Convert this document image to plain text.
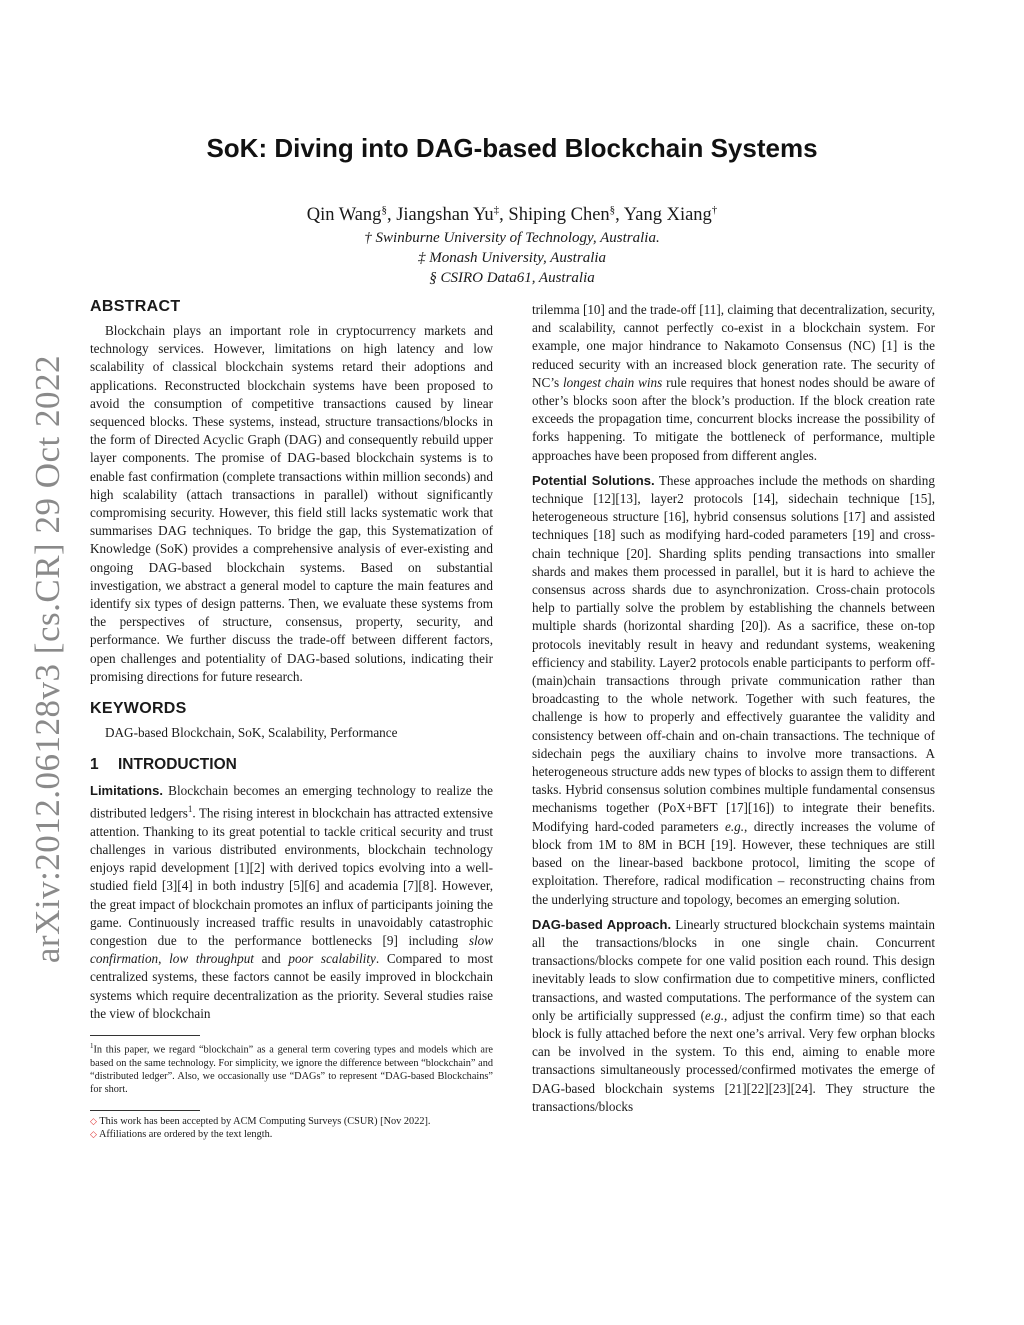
arXiv:2012.06128v3 [cs.CR] 29 Oct 2022
SoK: Diving into DAG-based Blockchain Systems
Qin Wang§, Jiangshan Yu‡, Shiping Chen§, Yang Xiang†
† Swinburne University of Technology, Australia.
‡ Monash University, Australia
§ CSIRO Data61, Australia
ABSTRACT

Blockchain plays an important role in cryptocurrency markets and technology services. However, limitations on high latency and low scalability of classical blockchain systems retard their adoptions and applications. Reconstructed blockchain systems have been proposed to avoid the consumption of competitive transactions caused by linear sequenced blocks. These systems, instead, structure transactions/blocks in the form of Directed Acyclic Graph (DAG) and consequently rebuild upper layer components. The promise of DAG-based blockchain systems is to enable fast confirmation (complete transactions within million seconds) and high scalability (attach transactions in parallel) without significantly compromising security. However, this field still lacks systematic work that summarises DAG techniques. To bridge the gap, this Systematization of Knowledge (SoK) provides a comprehensive analysis of ever-existing and ongoing DAG-based blockchain systems. Based on substantial investigation, we abstract a general model to capture the main features and identify six types of design patterns. Then, we evaluate these systems from the perspectives of structure, consensus, property, security, and performance. We further discuss the trade-off between different factors, open challenges and potentiality of DAG-based solutions, indicating their promising directions for future research.

KEYWORDS

DAG-based Blockchain, SoK, Scalability, Performance

1 INTRODUCTION

Limitations. Blockchain becomes an emerging technology to realize the distributed ledgers$^1$. The rising interest in blockchain has attracted extensive attention. Thanking to its great potential to tackle critical security and trust challenges in various distributed environments, blockchain technology enjoys rapid development [1][2] with derived topics evolving into a well-studied field [3][4] in both industry [5][6] and academia [7][8]. However, the great impact of blockchain promotes an influx of participants joining the game. Continuously increased traffic results in unavoidably catastrophic congestion due to the performance bottlenecks [9] including slow confirmation, low throughput and poor scalability. Compared to most centralized systems, these factors cannot be easily improved in blockchain systems which require decentralization as the priority. Several studies raise the view of blockchain

$^1$In this paper, we regard “blockchain” as a general term covering types and models which are based on the same technology. For simplicity, we ignore the difference between “blockchain” and “distributed ledger”. Also, we occasionally use “DAGs” to represent “DAG-based Blockchains” for short.

◇ This work has been accepted by ACM Computing Surveys (CSUR) [Nov 2022].

◇ Affiliations are ordered by the text length.

trilemma [10] and the trade-off [11], claiming that decentralization, security, and scalability, cannot perfectly co-exist in a blockchain system. For example, one major hindrance to Nakamoto Consensus (NC) [1] is the reduced security with an increased block generation rate. The security of NC’s longest chain wins rule requires that honest nodes should be aware of other’s blocks soon after the block’s production. If the block creation rate exceeds the propagation time, concurrent blocks increase the possibility of forks happening. To mitigate the bottleneck of performance, multiple approaches have been proposed from different angles.

Potential Solutions. These approaches include the methods on sharding technique [12][13], layer2 protocols [14], sidechain technique [15], heterogeneous structure [16], hybrid consensus solutions [17] and assisted techniques [18] such as modifying hard-coded parameters [19] and cross-chain technique [20]. Sharding splits pending transactions into smaller shards and makes them processed in parallel, but it is hard to achieve the consensus across shards due to asynchronization. Cross-chain protocols help to partially solve the problem by establishing the channels between multiple shards (horizontal sharding [20]). As a sacrifice, these on-top protocols inevitably result in heavy and redundant systems, weakening efficiency and stability. Layer2 protocols enable participants to perform off-(main)chain transactions through private communication rather than broadcasting to the whole network. Together with such features, the challenge is how to properly and effectively guarantee the validity and consistency between off-chain and on-chain transactions. The technique of sidechain pegs the auxiliary chains to involve more transactions. A heterogeneous structure adds new types of blocks to assign them to different tasks. Hybrid consensus solution combines multiple fundamental consensus mechanisms together (PoX+BFT [17][16]) to integrate their benefits. Modifying hard-coded parameters e.g., directly increases the volume of block from 1M to 8M in BCH [19]. However, these techniques are still based on the linear-based backbone protocol, limiting the scope of exploitation. Therefore, radical modification – reconstructing chains from the underlying structure and topology, becomes an emerging solution.

DAG-based Approach. Linearly structured blockchain systems maintain all the transactions/blocks in one single chain. Concurrent transactions/blocks compete for one valid position each round. This design inevitably leads to slow confirmation due to competitive miners, conflicted transactions, and wasted computations. The performance of the system can only be artificially suppressed (e.g., adjust the confirm time) so that each block is fully attached before the next one’s arrival. Very few orphan blocks can be involved in the system. To this end, aiming to enable more transactions simultaneously processed/confirmed motivates the emerge of DAG-based blockchain systems [21][22][23][24]. They structure the transactions/blocks
